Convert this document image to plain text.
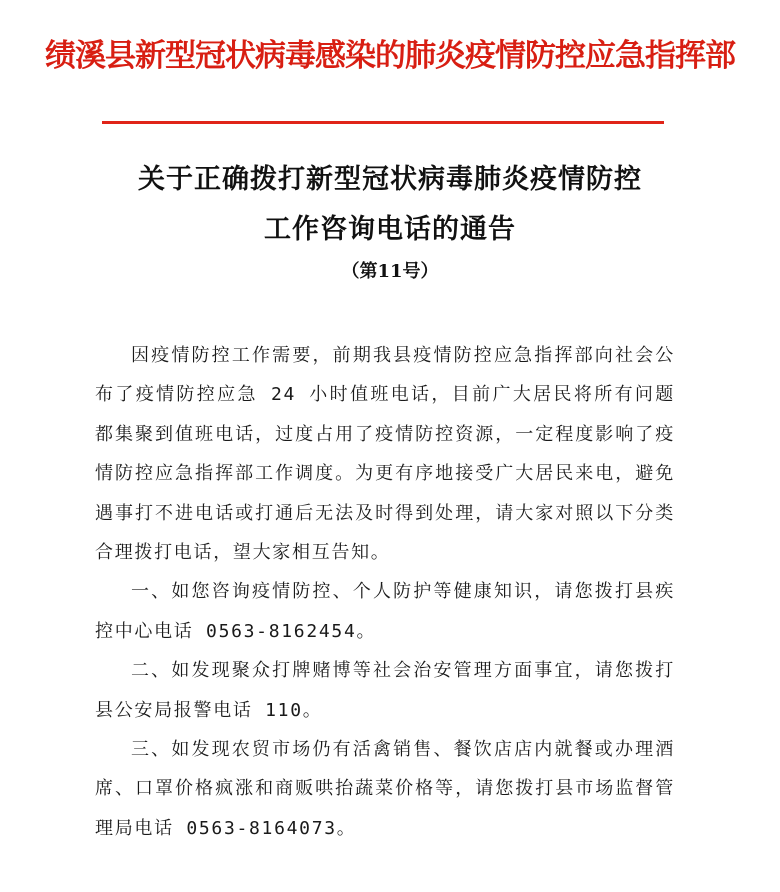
绩溪县新型冠状病毒感染的肺炎疫情防控应急指挥部
关于正确拨打新型冠状病毒肺炎疫情防控
工作咨询电话的通告
（第11号）

因疫情防控工作需要，前期我县疫情防控应急指挥部向社会公布了疫情防控应急 24 小时值班电话，目前广大居民将所有问题都集聚到值班电话，过度占用了疫情防控资源，一定程度影响了疫情防控应急指挥部工作调度。为更有序地接受广大居民来电，避免遇事打不进电话或打通后无法及时得到处理，请大家对照以下分类合理拨打电话，望大家相互告知。

一、如您咨询疫情防控、个人防护等健康知识，请您拨打县疾控中心电话 0563-8162454。

二、如发现聚众打牌赌博等社会治安管理方面事宜，请您拨打县公安局报警电话 110。

三、如发现农贸市场仍有活禽销售、餐饮店店内就餐或办理酒席、口罩价格疯涨和商贩哄抬蔬菜价格等，请您拨打县市场监督管理局电话 0563-8164073。
